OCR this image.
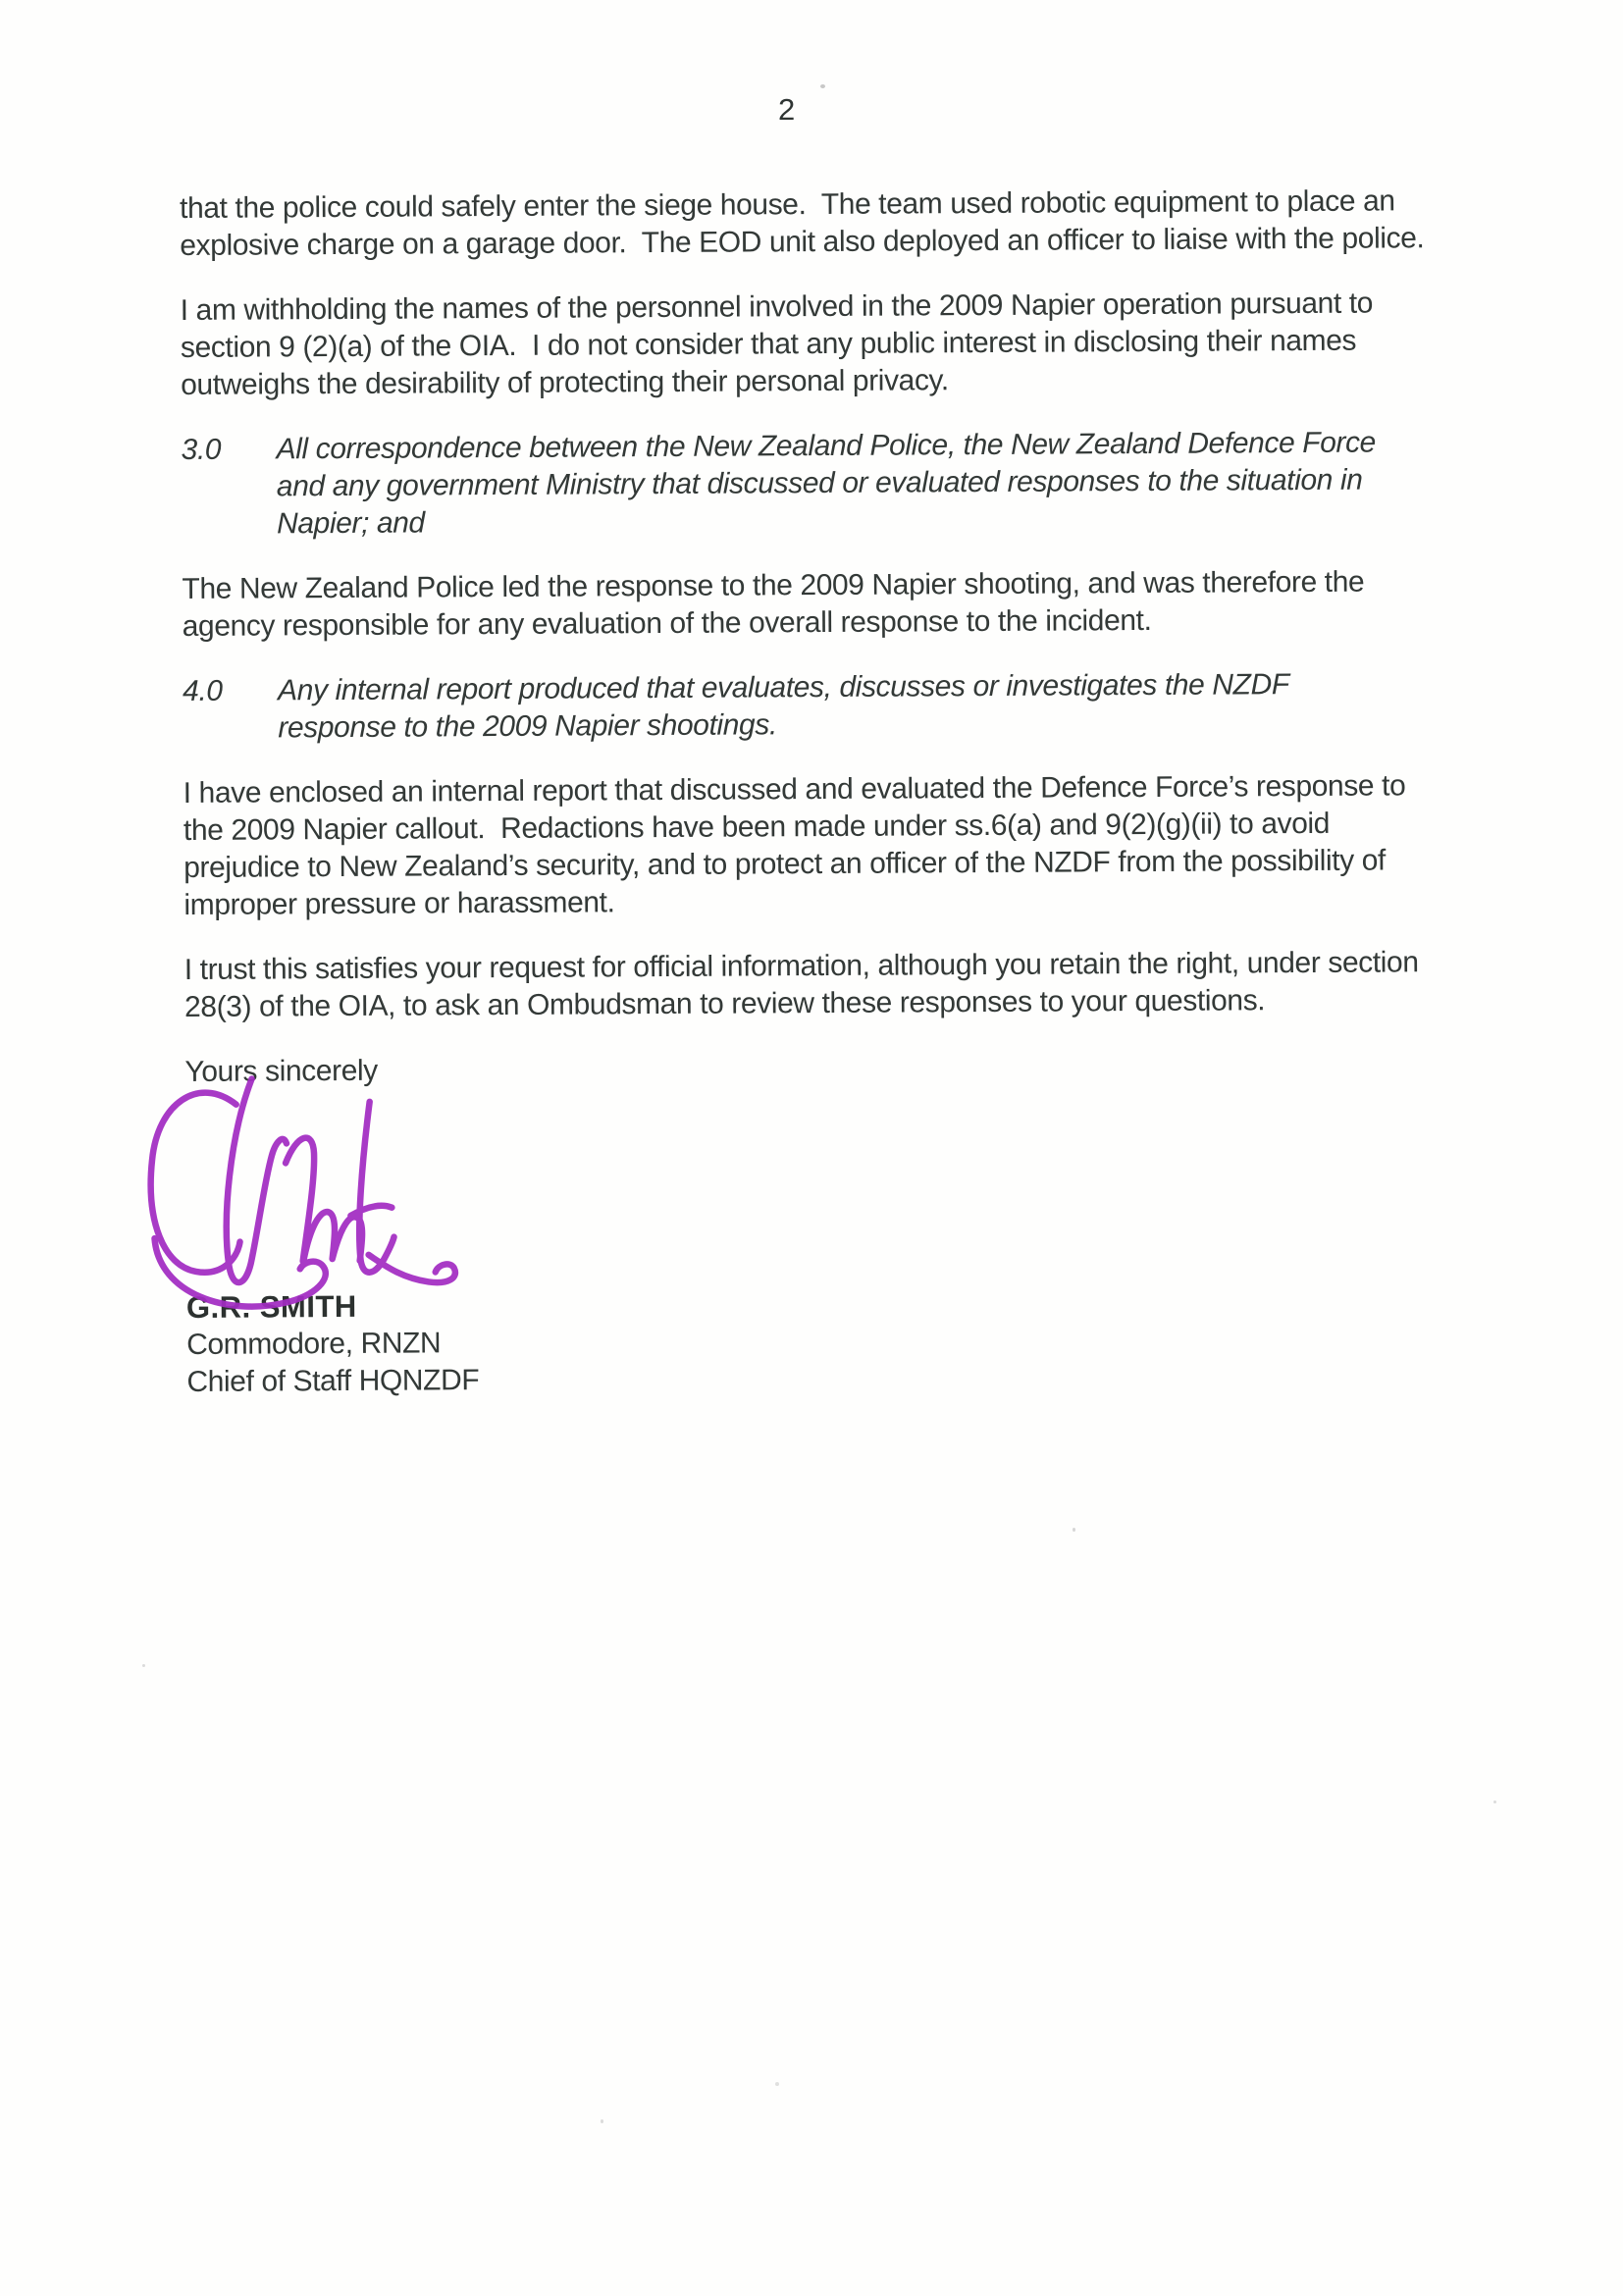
2

that the police could safely enter the siege house.  The team used robotic equipment to place an explosive charge on a garage door.  The EOD unit also deployed an officer to liaise with the police.

I am withholding the names of the personnel involved in the 2009 Napier operation pursuant to section 9 (2)(a) of the OIA.  I do not consider that any public interest in disclosing their names outweighs the desirability of protecting their personal privacy.

3.0	All correspondence between the New Zealand Police, the New Zealand Defence Force and any government Ministry that discussed or evaluated responses to the situation in Napier; and

The New Zealand Police led the response to the 2009 Napier shooting, and was therefore the agency responsible for any evaluation of the overall response to the incident.

4.0	Any internal report produced that evaluates, discusses or investigates the NZDF response to the 2009 Napier shootings.

I have enclosed an internal report that discussed and evaluated the Defence Force’s response to the 2009 Napier callout.  Redactions have been made under ss.6(a) and 9(2)(g)(ii) to avoid prejudice to New Zealand’s security, and to protect an officer of the NZDF from the possibility of improper pressure or harassment.

I trust this satisfies your request for official information, although you retain the right, under section 28(3) of the OIA, to ask an Ombudsman to review these responses to your questions.

Yours sincerely

G.R. SMITH
Commodore, RNZN
Chief of Staff HQNZDF
